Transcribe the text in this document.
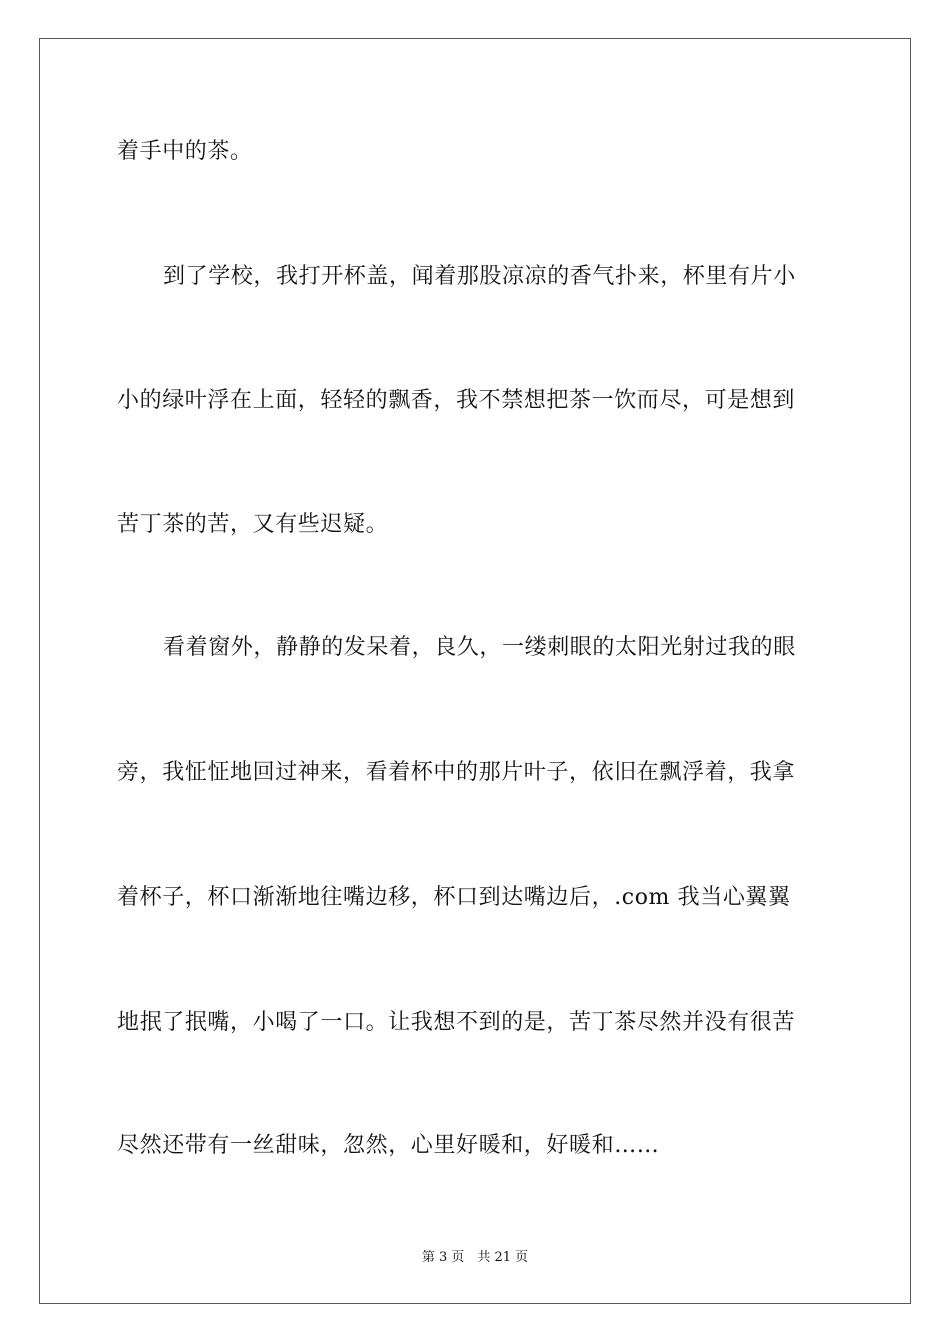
着手中的茶。
到了学校，我打开杯盖，闻着那股凉凉的香气扑来，杯里有片小
小的绿叶浮在上面，轻轻的飘香，我不禁想把茶一饮而尽，可是想到
苦丁茶的苦，又有些迟疑。
看着窗外，静静的发呆着，良久，一缕刺眼的太阳光射过我的眼
旁，我怔怔地回过神来，看着杯中的那片叶子，依旧在飘浮着，我拿
着杯子，杯口渐渐地往嘴边移，杯口到达嘴边后，.com 我当心翼翼
地抿了抿嘴，小喝了一口。让我想不到的是，苦丁茶尽然并没有很苦
尽然还带有一丝甜味，忽然，心里好暖和，好暖和……
第 3 页　共 21 页
